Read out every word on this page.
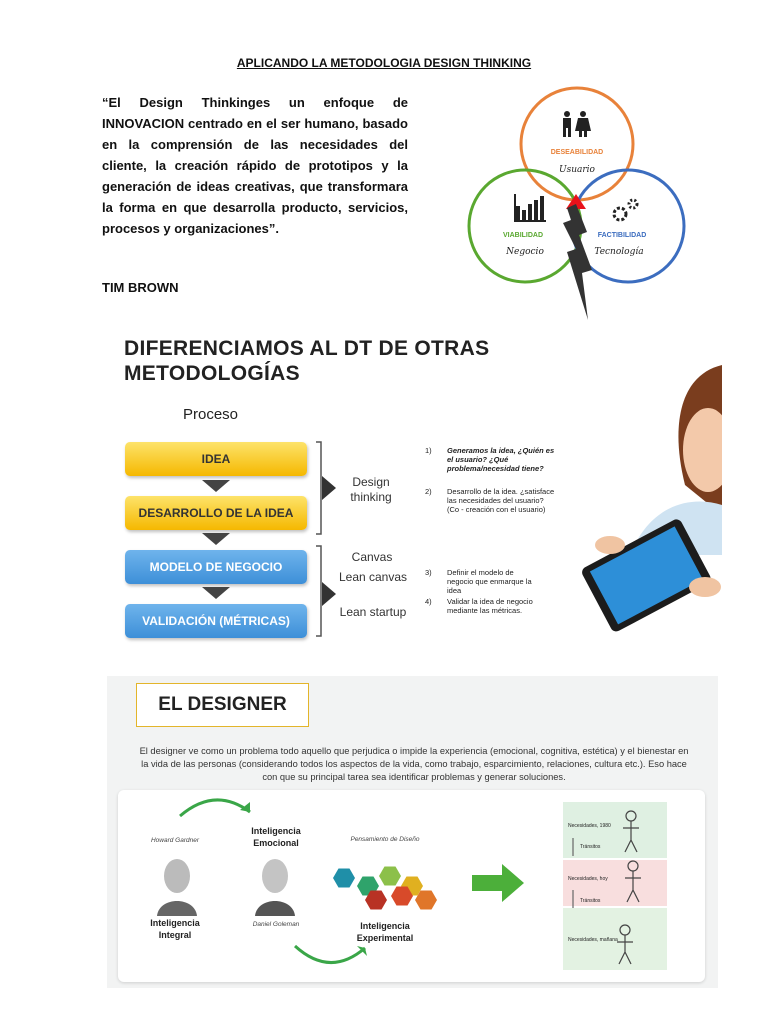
APLICANDO LA METODOLOGIA DESIGN THINKING
“El Design Thinkinges un enfoque de INNOVACION centrado en el ser humano, basado en la comprensión de las necesidades del cliente, la creación rápido de prototipos y la generación de ideas creativas, que transformara la forma en que desarrolla producto, servicios, procesos y organizaciones”.
TIM BROWN
DESEABILIDAD
Usuario
VIABILIDAD
Negocio
FACTIBILIDAD
Tecnología
DIFERENCIAMOS AL DT DE OTRAS
METODOLOGÍAS
Proceso
IDEA
DESARROLLO DE LA IDEA
MODELO DE NEGOCIO
VALIDACIÓN (MÉTRICAS)
Design thinking
Canvas
Lean canvas
Lean startup
1) Generamos la idea, ¿Quién es el usuario? ¿Qué problema/necesidad tiene?
2) Desarrollo de la idea. ¿satisface las necesidades del usuario? (Co - creación con el usuario)
3) Definir el modelo de negocio que enmarque la idea
4) Validar la idea de negocio mediante las métricas.
EL DESIGNER
El designer ve como un problema todo aquello que perjudica o impide la experiencia (emocional, cognitiva, estética) y el bienestar en la vida de las personas (considerando todos los aspectos de la vida, como trabajo, esparcimiento, relaciones, cultura etc.). Eso hace con que su principal tarea sea identificar problemas y generar soluciones.
Howard Gardner
Inteligencia Integral
Inteligencia Emocional
Daniel Goleman
Pensamiento de Diseño
Inteligencia Experimental
Necesidades, 1980
Tránsitos
Necesidades, hoy
Tránsitos
Necesidades, mañana
